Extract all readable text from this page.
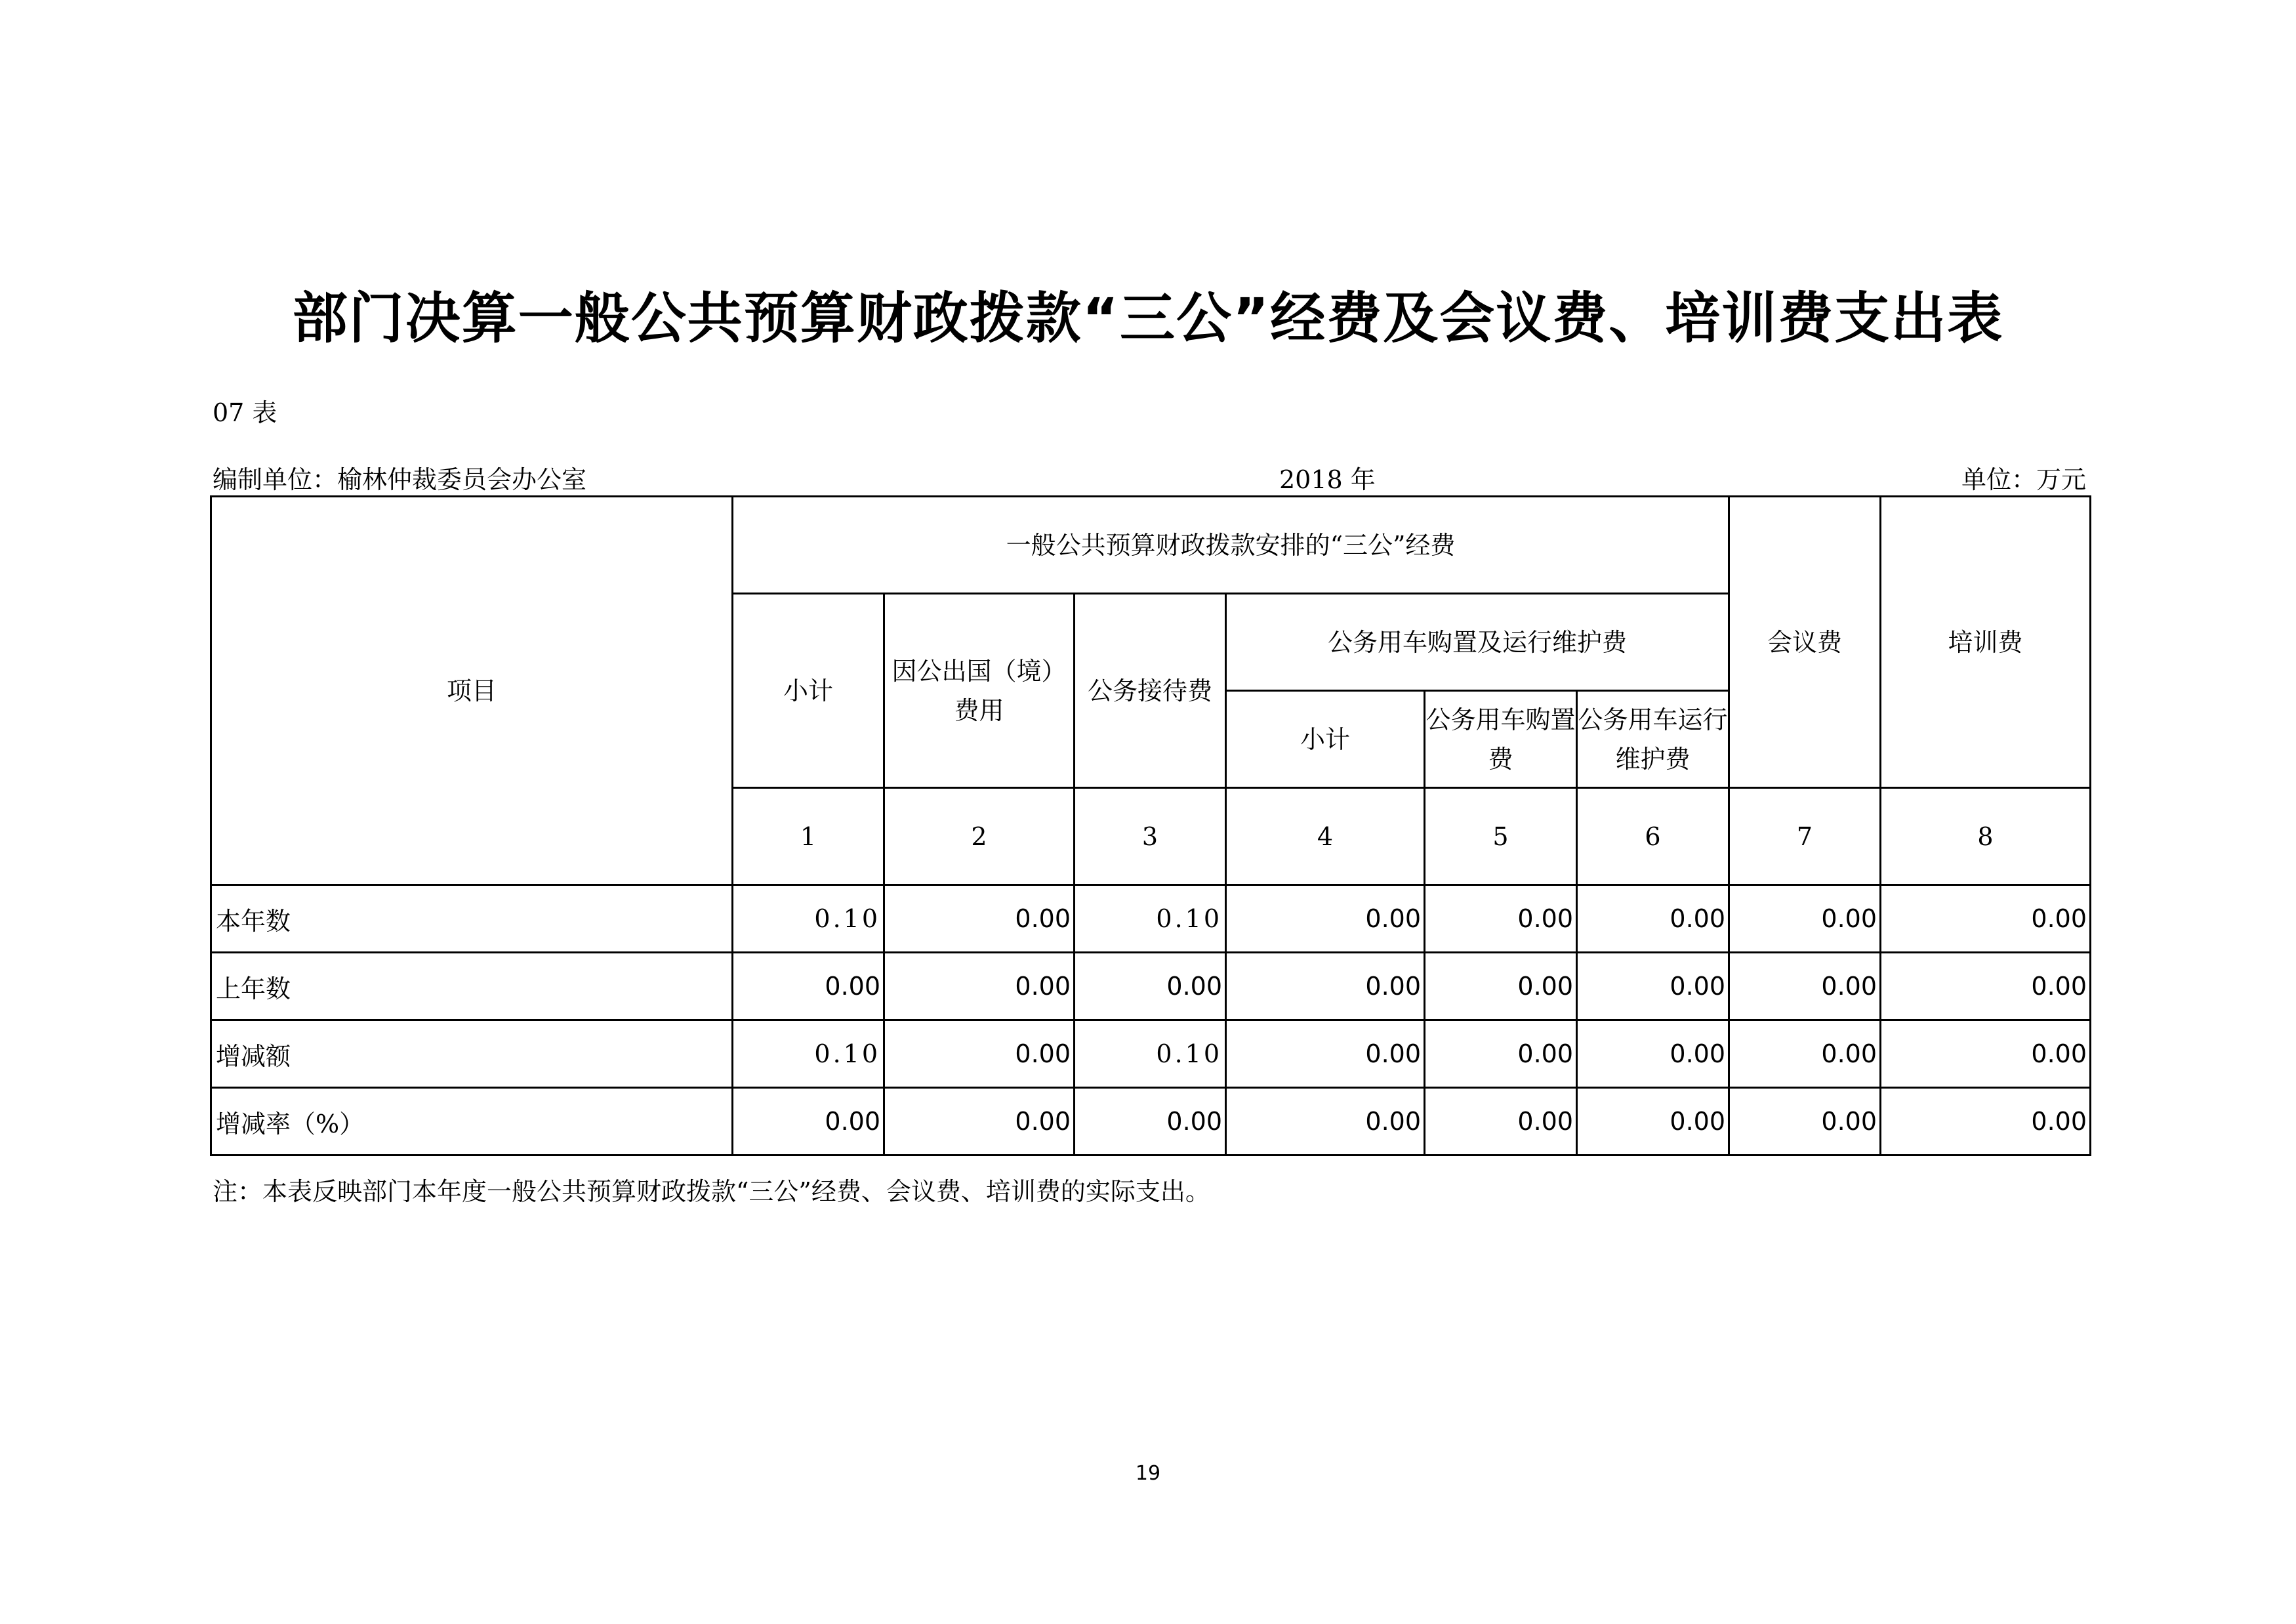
部门决算一般公共预算财政拨款“三公”经费及会议费、培训费支出表
07 表
编制单位：榆林仲裁委员会办公室	2018 年	单位：万元
项目	一般公共预算财政拨款安排的“三公”经费						会议费	培训费
	小计	因公出国（境）费用	公务接待费	公务用车购置及运行维护费				
				小计	公务用车购置费	公务用车运行维护费		
	1	2	3	4	5	6	7	8
本年数	0.10	0.00	0.10	0.00	0.00	0.00	0.00	0.00
上年数	0.00	0.00	0.00	0.00	0.00	0.00	0.00	0.00
增减额	0.10	0.00	0.10	0.00	0.00	0.00	0.00	0.00
增减率（%）	0.00	0.00	0.00	0.00	0.00	0.00	0.00	0.00
注：本表反映部门本年度一般公共预算财政拨款“三公”经费、会议费、培训费的实际支出。
19
